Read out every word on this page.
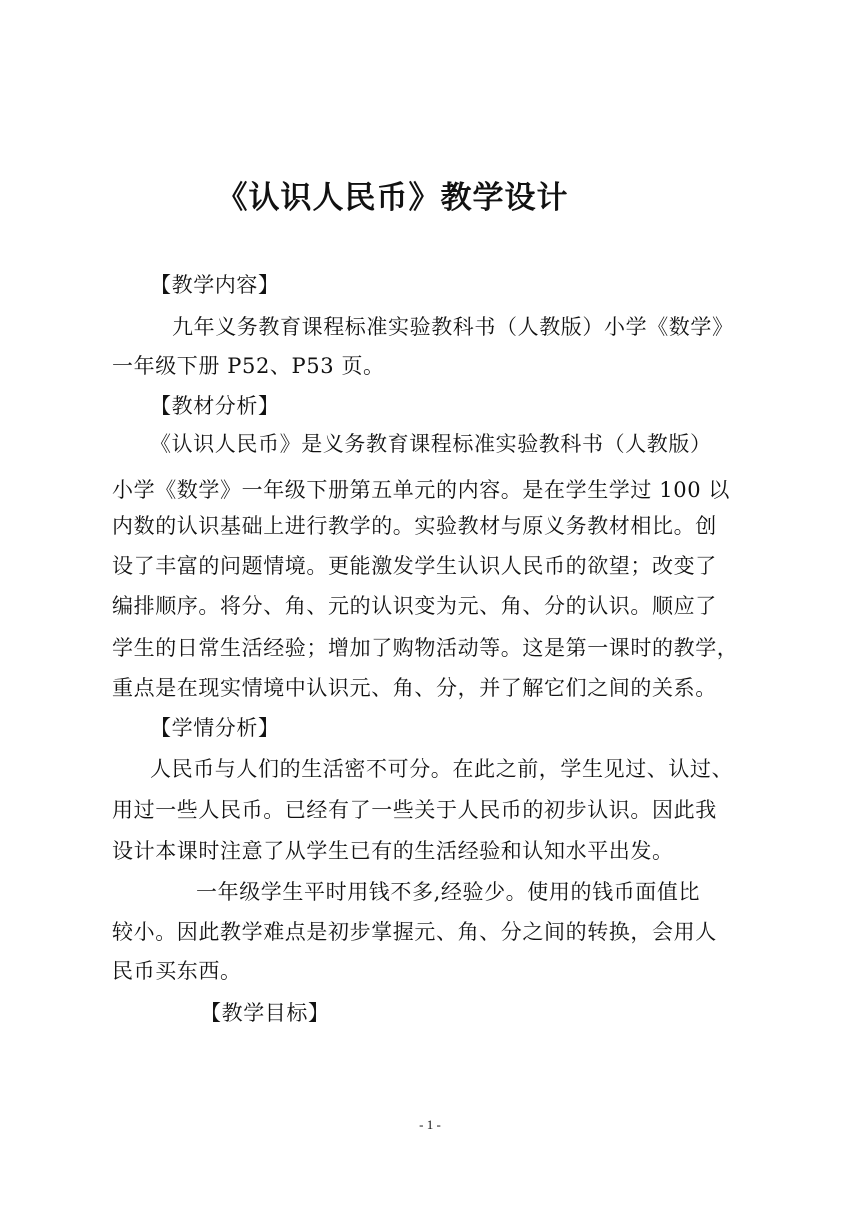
《认识人民币》教学设计
【教学内容】
九年义务教育课程标准实验教科书（人教版）小学《数学》
一年级下册 P52、P53 页。
【教材分析】
《认识人民币》是义务教育课程标准实验教科书（人教版）
小学《数学》一年级下册第五单元的内容。是在学生学过 100 以
内数的认识基础上进行教学的。实验教材与原义务教材相比。创
设了丰富的问题情境。更能激发学生认识人民币的欲望；改变了
编排顺序。将分、角、元的认识变为元、角、分的认识。顺应了
学生的日常生活经验；增加了购物活动等。这是第一课时的教学，
重点是在现实情境中认识元、角、分，并了解它们之间的关系。
【学情分析】
人民币与人们的生活密不可分。在此之前，学生见过、认过、
用过一些人民币。已经有了一些关于人民币的初步认识。因此我
设计本课时注意了从学生已有的生活经验和认知水平出发。
一年级学生平时用钱不多,经验少。使用的钱币面值比
较小。因此教学难点是初步掌握元、角、分之间的转换，会用人
民币买东西。
【教学目标】
- 1 -
